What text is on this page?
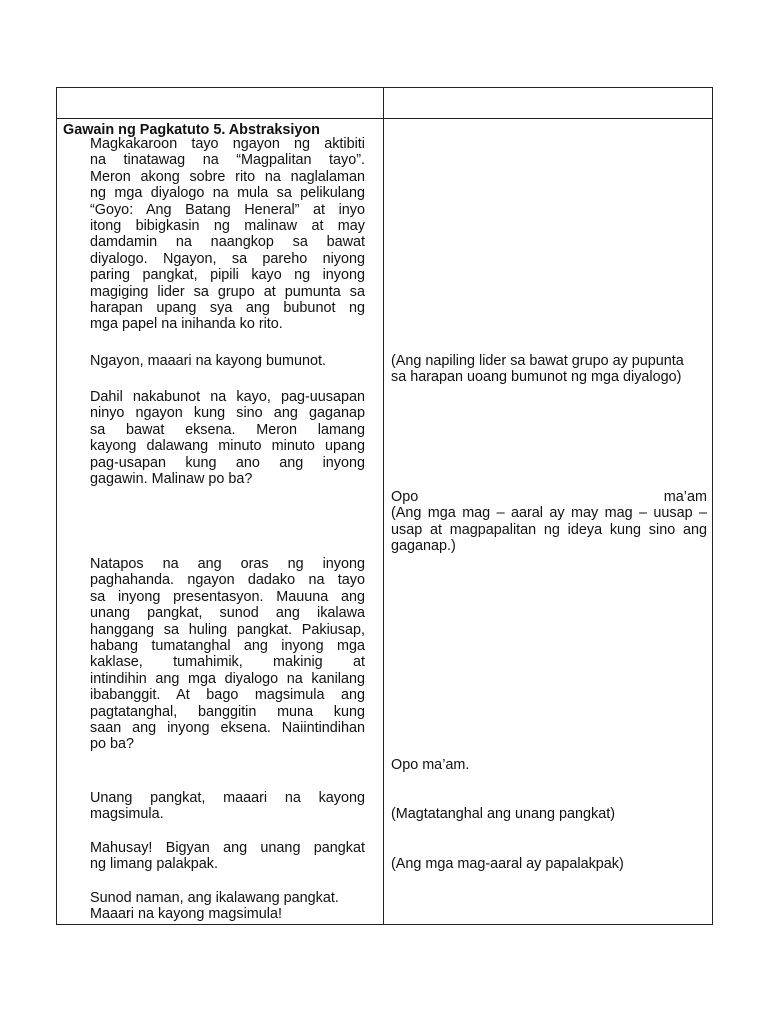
Gawain ng Pagkatuto 5. Abstraksiyon
Magkakaroon tayo ngayon ng aktibiti
na tinatawag na “Magpalitan tayo”.
Meron akong sobre rito na naglalaman
ng mga diyalogo na mula sa pelikulang
“Goyo: Ang Batang Heneral” at inyo
itong bibigkasin ng malinaw at may
damdamin na naangkop sa bawat
diyalogo. Ngayon, sa pareho niyong
paring pangkat, pipili kayo ng inyong
magiging lider sa grupo at pumunta sa
harapan upang sya ang bubunot ng
mga papel na inihanda ko rito.
Ngayon, maaari na kayong bumunot.
Dahil nakabunot na kayo, pag-uusapan
ninyo ngayon kung sino ang gaganap
sa bawat eksena. Meron lamang
kayong dalawang minuto minuto upang
pag-usapan kung ano ang inyong
gagawin. Malinaw po ba?
Natapos na ang oras ng inyong
paghahanda. ngayon dadako na tayo
sa inyong presentasyon. Mauuna ang
unang pangkat, sunod ang ikalawa
hanggang sa huling pangkat. Pakiusap,
habang tumatanghal ang inyong mga
kaklase, tumahimik, makinig at
intindihin ang mga diyalogo na kanilang
ibabanggit. At bago magsimula ang
pagtatanghal, banggitin muna kung
saan ang inyong eksena. Naiintindihan
po ba?
Unang pangkat, maaari na kayong
magsimula.
Mahusay! Bigyan ang unang pangkat
ng limang palakpak.
Sunod naman, ang ikalawang pangkat.
Maaari na kayong magsimula!
(Ang napiling lider sa bawat grupo ay pupunta
sa harapan uoang bumunot ng mga diyalogo)
Opo ma’am
(Ang mga mag – aaral ay may mag – uusap –
usap at magpapalitan ng ideya kung sino ang
gaganap.)
Opo ma’am.
(Magtatanghal ang unang pangkat)
(Ang mga mag-aaral ay papalakpak)
